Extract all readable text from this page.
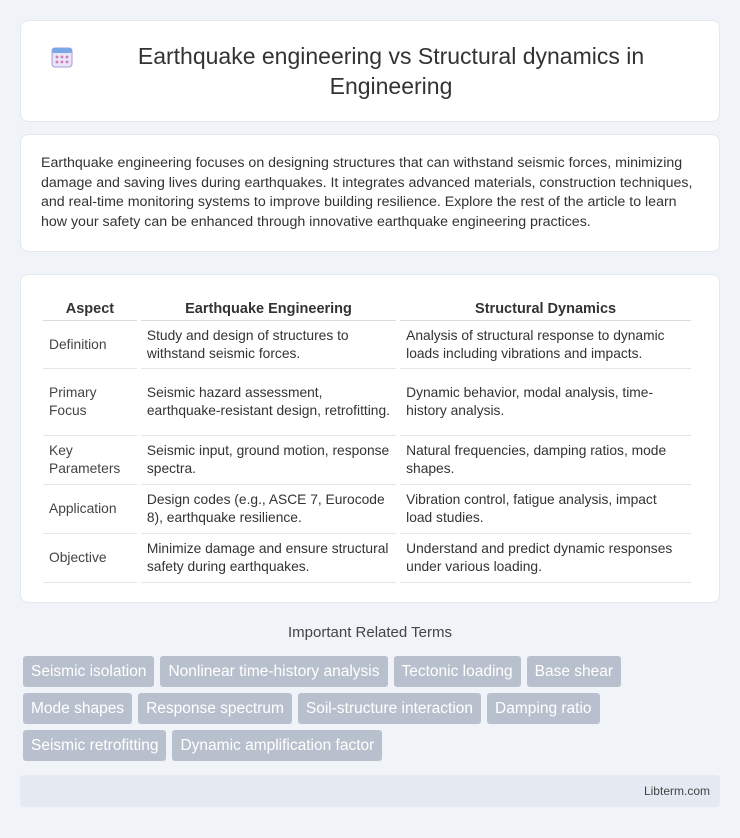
Earthquake engineering vs Structural dynamics in Engineering

Earthquake engineering focuses on designing structures that can withstand seismic forces, minimizing damage and saving lives during earthquakes. It integrates advanced materials, construction techniques, and real-time monitoring systems to improve building resilience. Explore the rest of the article to learn how your safety can be enhanced through innovative earthquake engineering practices.

Aspect	Earthquake Engineering	Structural Dynamics
Definition	Study and design of structures to withstand seismic forces.	Analysis of structural response to dynamic loads including vibrations and impacts.
Primary Focus	Seismic hazard assessment, earthquake-resistant design, retrofitting.	Dynamic behavior, modal analysis, time-history analysis.
Key Parameters	Seismic input, ground motion, response spectra.	Natural frequencies, damping ratios, mode shapes.
Application	Design codes (e.g., ASCE 7, Eurocode 8), earthquake resilience.	Vibration control, fatigue analysis, impact load studies.
Objective	Minimize damage and ensure structural safety during earthquakes.	Understand and predict dynamic responses under various loading.
Important Related Terms
Seismic isolation	Nonlinear time-history analysis	Tectonic loading	Base shear
Mode shapes	Response spectrum	Soil-structure interaction	Damping ratio
Seismic retrofitting	Dynamic amplification factor
Libterm.com
